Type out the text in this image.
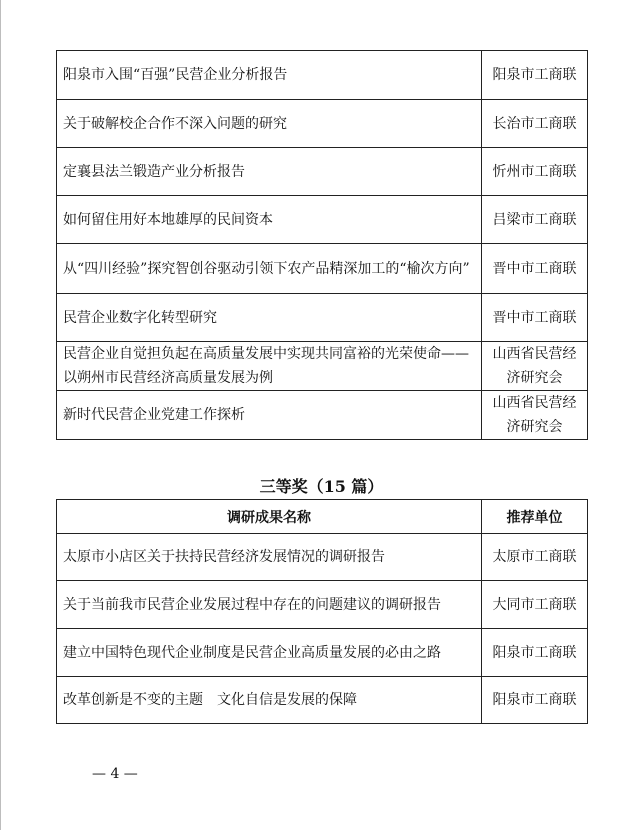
阳泉市入围“百强”民营企业分析报告	阳泉市工商联
关于破解校企合作不深入问题的研究	长治市工商联
定襄县法兰锻造产业分析报告	忻州市工商联
如何留住用好本地雄厚的民间资本	吕梁市工商联
从“四川经验”探究智创谷驱动引领下农产品精深加工的“榆次方向”	晋中市工商联
民营企业数字化转型研究	晋中市工商联
民营企业自觉担负起在高质量发展中实现共同富裕的光荣使命——以朔州市民营经济高质量发展为例	山西省民营经济研究会
新时代民营企业党建工作探析	山西省民营经济研究会
三等奖（15 篇）
调研成果名称	推荐单位
太原市小店区关于扶持民营经济发展情况的调研报告	太原市工商联
关于当前我市民营企业发展过程中存在的问题建议的调研报告	大同市工商联
建立中国特色现代企业制度是民营企业高质量发展的必由之路	阳泉市工商联
改革创新是不变的主题　文化自信是发展的保障	阳泉市工商联
— 4 —
